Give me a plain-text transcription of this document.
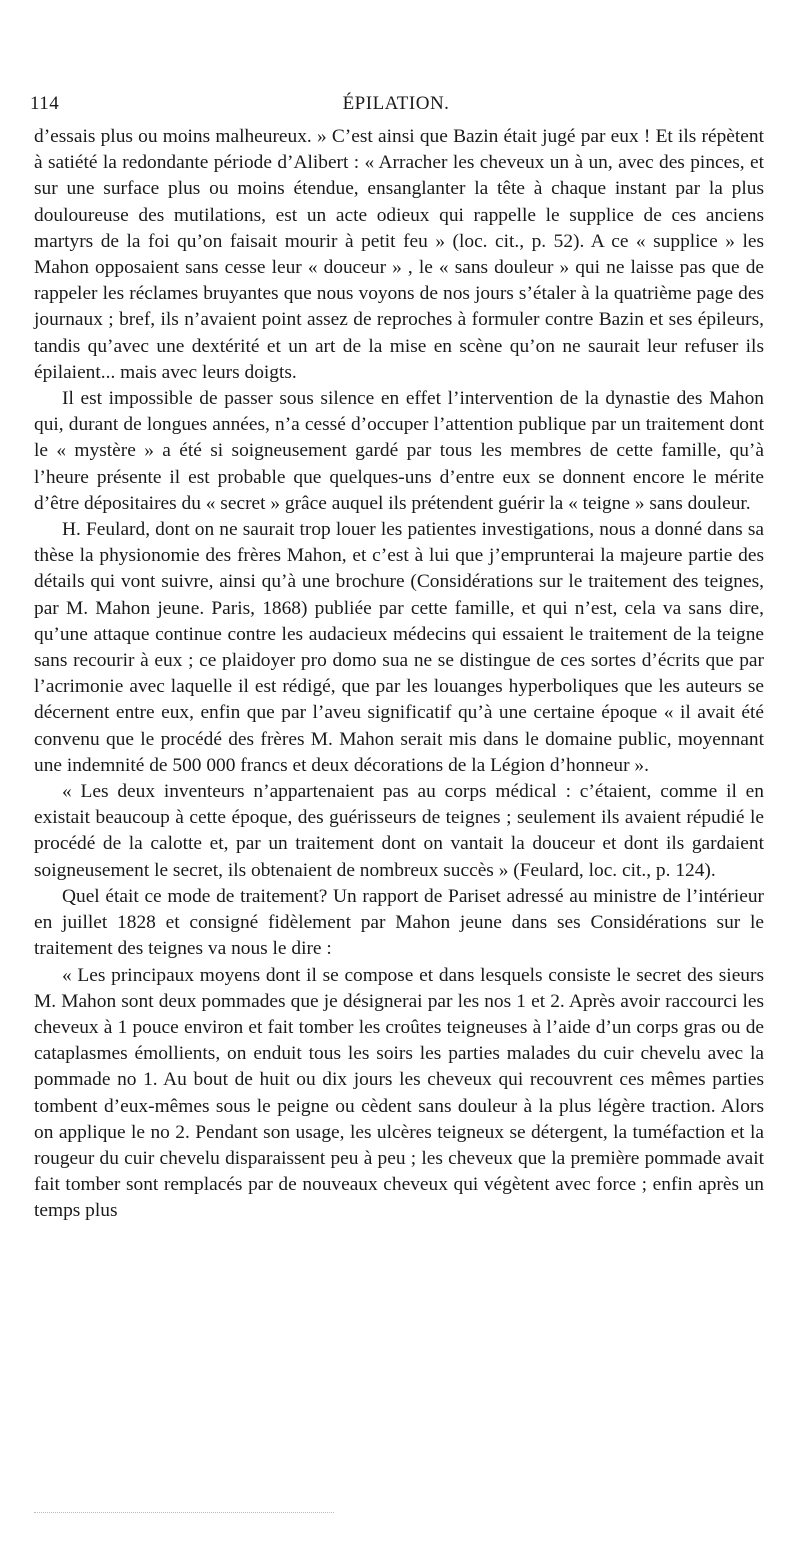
114	ÉPILATION.

d’essais plus ou moins malheureux. » C’est ainsi que Bazin était jugé par eux ! Et ils répètent à satiété la redondante période d’Alibert : « Arracher les cheveux un à un, avec des pinces, et sur une surface plus ou moins étendue, ensanglanter la tête à chaque instant par la plus douloureuse des mutilations, est un acte odieux qui rappelle le supplice de ces anciens martyrs de la foi qu’on faisait mourir à petit feu » (loc. cit., p. 52). A ce « supplice » les Mahon opposaient sans cesse leur « douceur » , le « sans douleur » qui ne laisse pas que de rappeler les réclames bruyantes que nous voyons de nos jours s’étaler à la quatrième page des journaux ; bref, ils n’avaient point assez de reproches à formuler contre Bazin et ses épileurs, tandis qu’avec une dextérité et un art de la mise en scène qu’on ne saurait leur refuser ils épilaient... mais avec leurs doigts.

Il est impossible de passer sous silence en effet l’intervention de la dynastie des Mahon qui, durant de longues années, n’a cessé d’occuper l’attention publique par un traitement dont le « mystère » a été si soigneusement gardé par tous les membres de cette famille, qu’à l’heure présente il est probable que quelques-uns d’entre eux se donnent encore le mérite d’être dépositaires du « secret » grâce auquel ils prétendent guérir la « teigne » sans douleur.

H. Feulard, dont on ne saurait trop louer les patientes investigations, nous a donné dans sa thèse la physionomie des frères Mahon, et c’est à lui que j’emprunterai la majeure partie des détails qui vont suivre, ainsi qu’à une brochure (Considérations sur le traitement des teignes, par M. Mahon jeune. Paris, 1868) publiée par cette famille, et qui n’est, cela va sans dire, qu’une attaque continue contre les audacieux médecins qui essaient le traitement de la teigne sans recourir à eux ; ce plaidoyer pro domo sua ne se distingue de ces sortes d’écrits que par l’acrimonie avec laquelle il est rédigé, que par les louanges hyperboliques que les auteurs se décernent entre eux, enfin que par l’aveu significatif qu’à une certaine époque « il avait été convenu que le procédé des frères M. Mahon serait mis dans le domaine public, moyennant une indemnité de 500 000 francs et deux décorations de la Légion d’honneur ».

« Les deux inventeurs n’appartenaient pas au corps médical : c’étaient, comme il en existait beaucoup à cette époque, des guérisseurs de teignes ; seulement ils avaient répudié le procédé de la calotte et, par un traitement dont on vantait la douceur et dont ils gardaient soigneusement le secret, ils obtenaient de nombreux succès » (Feulard, loc. cit., p. 124).

Quel était ce mode de traitement? Un rapport de Pariset adressé au ministre de l’intérieur en juillet 1828 et consigné fidèlement par Mahon jeune dans ses Considérations sur le traitement des teignes va nous le dire :

« Les principaux moyens dont il se compose et dans lesquels consiste le secret des sieurs M. Mahon sont deux pommades que je désignerai par les nos 1 et 2. Après avoir raccourci les cheveux à 1 pouce environ et fait tomber les croûtes teigneuses à l’aide d’un corps gras ou de cataplasmes émollients, on enduit tous les soirs les parties malades du cuir chevelu avec la pommade no 1. Au bout de huit ou dix jours les cheveux qui recouvrent ces mêmes parties tombent d’eux-mêmes sous le peigne ou cèdent sans douleur à la plus légère traction. Alors on applique le no 2. Pendant son usage, les ulcères teigneux se détergent, la tuméfaction et la rougeur du cuir chevelu disparaissent peu à peu ; les cheveux que la première pommade avait fait tomber sont remplacés par de nouveaux cheveux qui végètent avec force ; enfin après un temps plus
